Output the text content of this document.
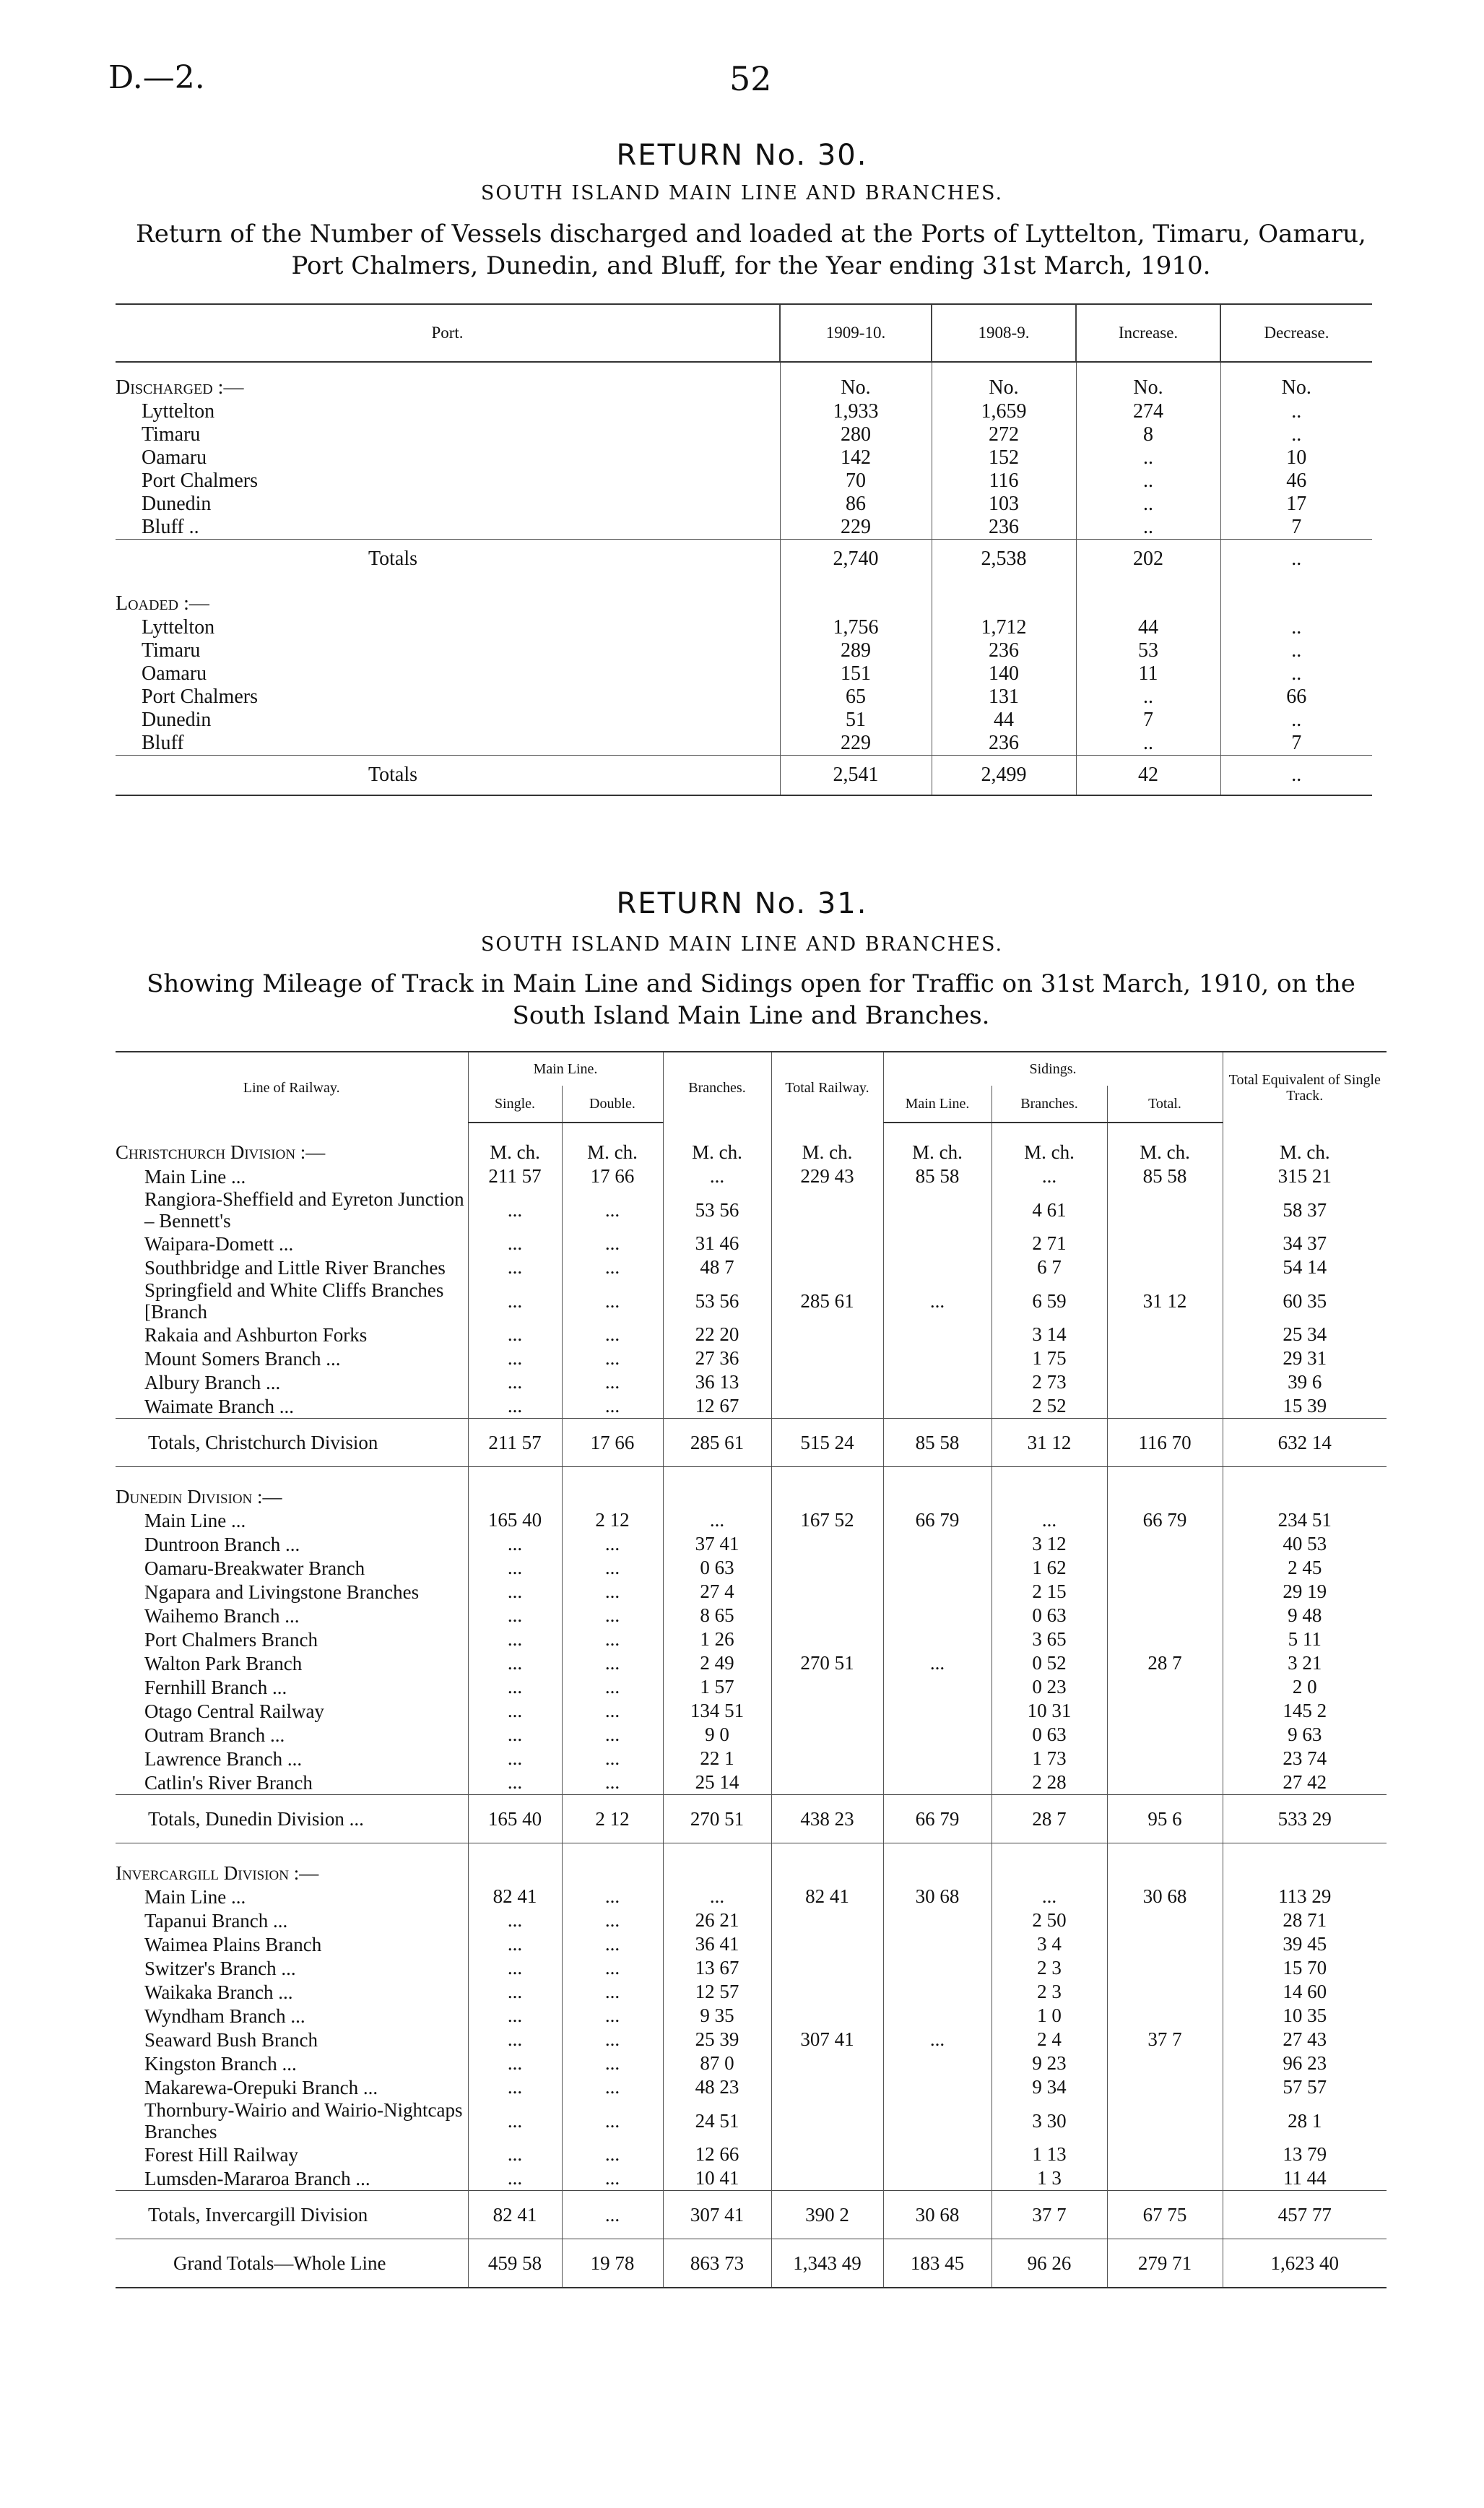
D.—2.	52
RETURN No. 30.
SOUTH ISLAND MAIN LINE AND BRANCHES.
Return of the Number of Vessels discharged and loaded at the Ports of Lyttelton, Timaru, Oamaru, Port Chalmers, Dunedin, and Bluff, for the Year ending 31st March, 1910.
Port.	1909-10.	1908-9.	Increase.	Decrease.
Discharged :—	No.	No.	No.	No.
Lyttelton	1,933	1,659	274	..
Timaru	280	272	8	..
Oamaru	142	152	..	10
Port Chalmers	70	116	..	46
Dunedin	86	103	..	17
Bluff ..	229	236	..	7
Totals	2,740	2,538	202	..
Loaded :—				
Lyttelton	1,756	1,712	44	..
Timaru	289	236	53	..
Oamaru	151	140	11	..
Port Chalmers	65	131	..	66
Dunedin	51	44	7	..
Bluff	229	236	..	7
Totals	2,541	2,499	42	..
RETURN No. 31.
SOUTH ISLAND MAIN LINE AND BRANCHES.
Showing Mileage of Track in Main Line and Sidings open for Traffic on 31st March, 1910, on the South Island Main Line and Branches.
Line of Railway.	Main Line.		Branches.	Total Railway.	Sidings.			Total Equivalent of Single Track.
	Single.	Double.			Main Line.	Branches.	Total.	
Christchurch Division :—	M. ch.	M. ch.	M. ch.	M. ch.	M. ch.	M. ch.	M. ch.	M. ch.
Main Line ...	211 57	17 66	...	229 43	85 58	...	85 58	315 21
Rangiora-Sheffield and Eyreton Junction – Bennett's	...	...	53 56			4 61		58 37
Waipara-Domett ...	...	...	31 46			2 71		34 37
Southbridge and Little River Branches	...	...	48 7			6 7		54 14
Springfield and White Cliffs Branches [Branch	...	...	53 56	285 61	...	6 59	31 12	60 35
Rakaia and Ashburton Forks	...	...	22 20			3 14		25 34
Mount Somers Branch ...	...	...	27 36			1 75		29 31
Albury Branch ...	...	...	36 13			2 73		39 6
Waimate Branch ...	...	...	12 67			2 52		15 39
Totals, Christchurch Division	211 57	17 66	285 61	515 24	85 58	31 12	116 70	632 14
Dunedin Division :—								
Main Line ...	165 40	2 12	...	167 52	66 79	...	66 79	234 51
Duntroon Branch ...	...	...	37 41			3 12		40 53
Oamaru-Breakwater Branch	...	...	0 63			1 62		2 45
Ngapara and Livingstone Branches	...	...	27 4			2 15		29 19
Waihemo Branch ...	...	...	8 65			0 63		9 48
Port Chalmers Branch	...	...	1 26			3 65		5 11
Walton Park Branch	...	...	2 49	270 51	...	0 52	28 7	3 21
Fernhill Branch ...	...	...	1 57			0 23		2 0
Otago Central Railway	...	...	134 51			10 31		145 2
Outram Branch ...	...	...	9 0			0 63		9 63
Lawrence Branch ...	...	...	22 1			1 73		23 74
Catlin's River Branch	...	...	25 14			2 28		27 42
Totals, Dunedin Division ...	165 40	2 12	270 51	438 23	66 79	28 7	95 6	533 29
Invercargill Division :—								
Main Line ...	82 41	...	...	82 41	30 68	...	30 68	113 29
Tapanui Branch ...	...	...	26 21			2 50		28 71
Waimea Plains Branch	...	...	36 41			3 4		39 45
Switzer's Branch ...	...	...	13 67			2 3		15 70
Waikaka Branch ...	...	...	12 57			2 3		14 60
Wyndham Branch ...	...	...	9 35			1 0		10 35
Seaward Bush Branch	...	...	25 39	307 41	...	2 4	37 7	27 43
Kingston Branch ...	...	...	87 0			9 23		96 23
Makarewa-Orepuki Branch ...	...	...	48 23			9 34		57 57
Thornbury-Wairio and Wairio-Nightcaps Branches	...	...	24 51			3 30		28 1
Forest Hill Railway	...	...	12 66			1 13		13 79
Lumsden-Mararoa Branch ...	...	...	10 41			1 3		11 44
Totals, Invercargill Division	82 41	...	307 41	390 2	30 68	37 7	67 75	457 77
Grand Totals—Whole Line	459 58	19 78	863 73	1,343 49	183 45	96 26	279 71	1,623 40
